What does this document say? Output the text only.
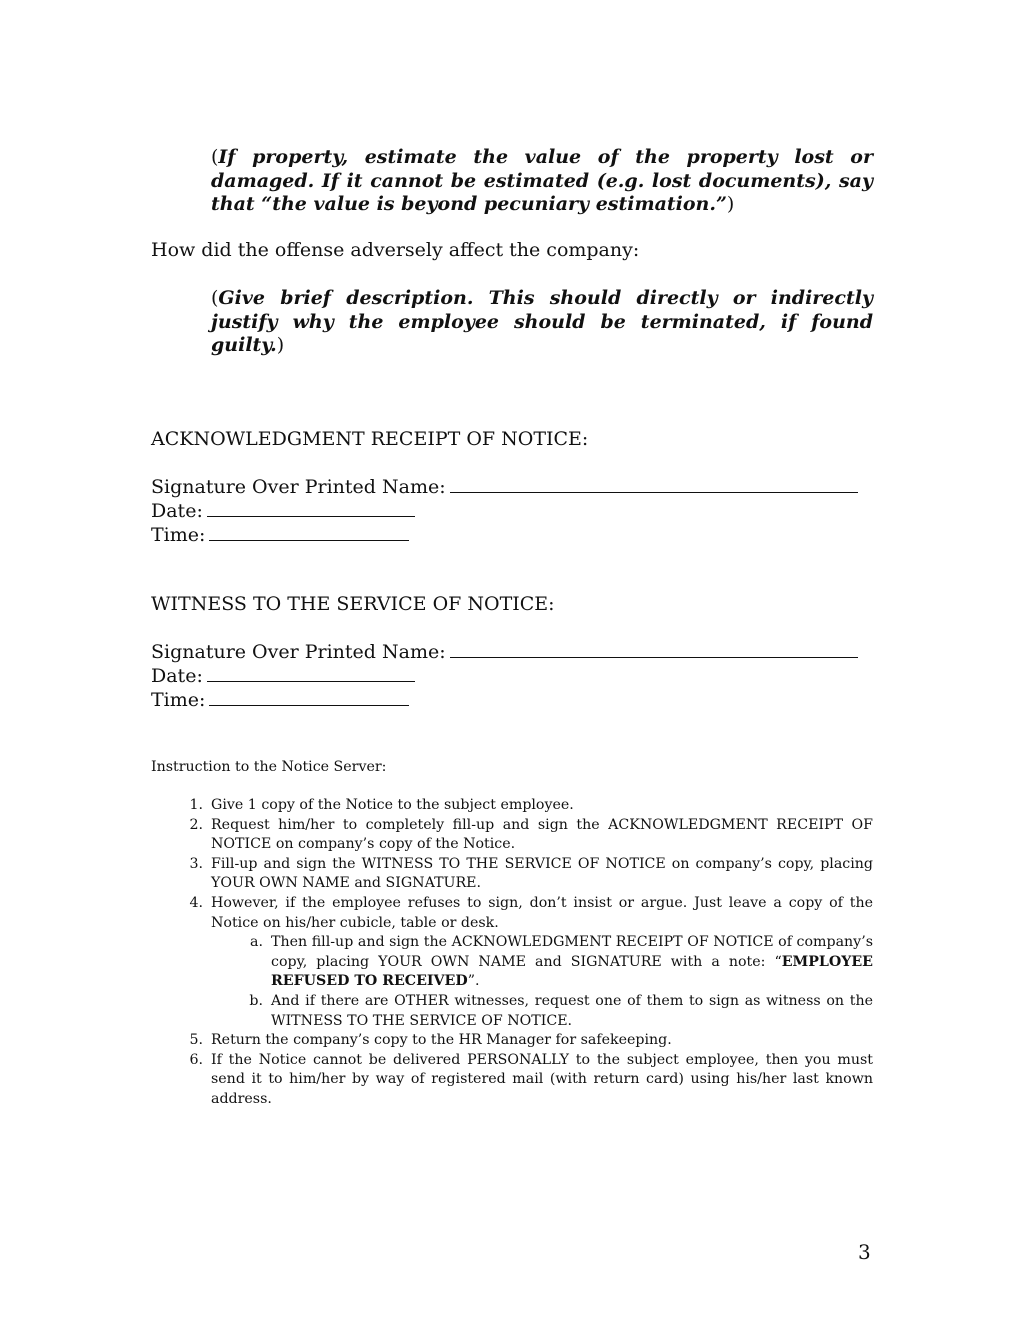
(If property, estimate the value of the property lost or damaged. If it cannot be estimated (e.g. lost documents), say that “the value is beyond pecuniary estimation.”)
How did the offense adversely affect the company:
(Give brief description. This should directly or indirectly justify why the employee should be terminated, if found guilty.)
ACKNOWLEDGMENT RECEIPT OF NOTICE:
Signature Over Printed Name:
Date:
Time:
WITNESS TO THE SERVICE OF NOTICE:
Signature Over Printed Name:
Date:
Time:
Instruction to the Notice Server:
1. Give 1 copy of the Notice to the subject employee.
2. Request him/her to completely fill-up and sign the ACKNOWLEDGMENT RECEIPT OF NOTICE on company’s copy of the Notice.
3. Fill-up and sign the WITNESS TO THE SERVICE OF NOTICE on company’s copy, placing YOUR OWN NAME and SIGNATURE.
4. However, if the employee refuses to sign, don’t insist or argue. Just leave a copy of the Notice on his/her cubicle, table or desk.
a. Then fill-up and sign the ACKNOWLEDGMENT RECEIPT OF NOTICE of company’s copy, placing YOUR OWN NAME and SIGNATURE with a note: “EMPLOYEE REFUSED TO RECEIVED”.
b. And if there are OTHER witnesses, request one of them to sign as witness on the WITNESS TO THE SERVICE OF NOTICE.
5. Return the company’s copy to the HR Manager for safekeeping.
6. If the Notice cannot be delivered PERSONALLY to the subject employee, then you must send it to him/her by way of registered mail (with return card) using his/her last known address.
3
